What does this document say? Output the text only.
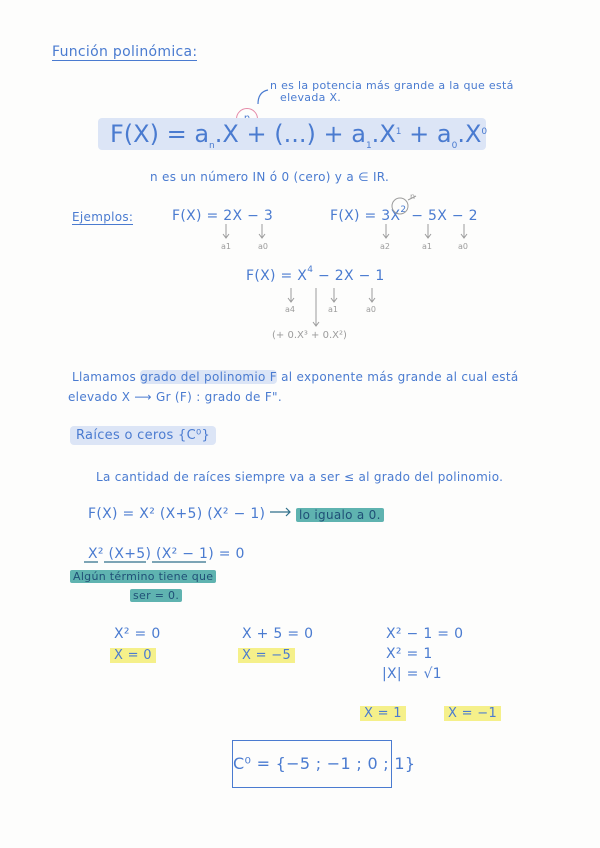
Función polinómica:
n es la potencia más grande a la que está
elevada X.
$F(X) = a_n.X$ + (...) + $a_1.X^1 + a_0.X^0$
n es un número IN ó 0 (cero) y a ∈ IR.
Ejemplos:	F(X) = 2X − 3
a1	a0
$F(X) = 3X^2 - 5X - 2$
n
a2	a1	a0
$F(X) = X^4 - 2X - 1$
a4	a1	a0
(+ 0.X³ + 0.X²)
Llamamos grado del polinomio F al exponente más grande al cual está
elevado X ⟶ Gr (F) : grado de F".
Raíces o ceros {C⁰}
La cantidad de raíces siempre va a ser ≤ al grado del polinomio.
F(X) = X² (X+5) (X² − 1)	lo igualo a 0.
X² (X+5) (X² − 1) = 0
Algún término tiene que
ser = 0.
X² = 0
X = 0
X + 5 = 0
X = −5
X² − 1 = 0
X² = 1
|X| = √1
X = 1	X = −1
C⁰ = {−5 ; −1 ; 0 ; 1}
